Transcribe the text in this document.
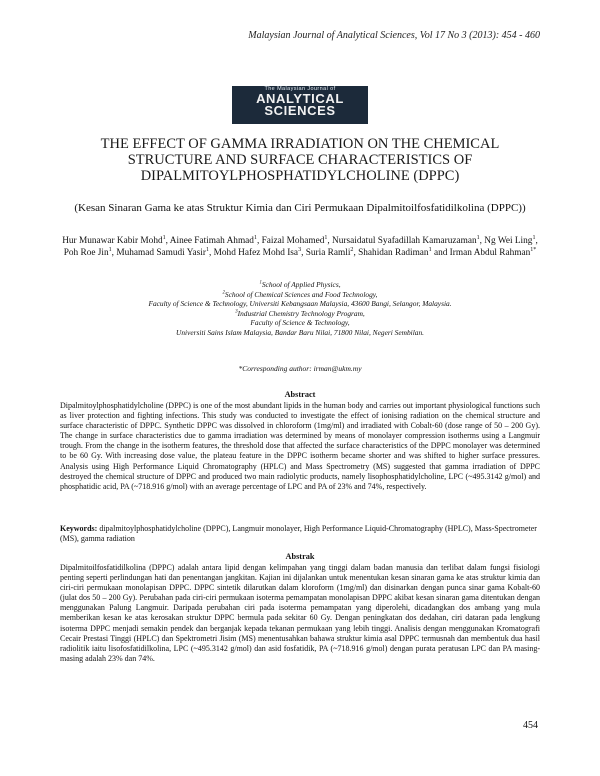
Malaysian Journal of Analytical Sciences, Vol 17 No 3 (2013): 454 - 460
The Malaysian Journal of
ANALYTICAL
SCIENCES
THE EFFECT OF GAMMA IRRADIATION ON THE CHEMICAL STRUCTURE AND SURFACE CHARACTERISTICS OF DIPALMITOYLPHOSPHATIDYLCHOLINE (DPPC)
(Kesan Sinaran Gama ke atas Struktur Kimia dan Ciri Permukaan Dipalmitoilfosfatidilkolina (DPPC))
Hur Munawar Kabir Mohd$^1$, Ainee Fatimah Ahmad$^1$, Faizal Mohamed$^1$, Nursaidatul Syafadillah Kamaruzaman$^1$, Ng Wei Ling$^1$, Poh Roe Jin$^1$, Muhamad Samudi Yasir$^1$, Mohd Hafez Mohd Isa$^3$, Suria Ramli$^2$, Shahidan Radiman$^1$ and Irman Abdul Rahman$^{1*}$
$^1$School of Applied Physics,
$^2$School of Chemical Sciences and Food Technology,
Faculty of Science & Technology, Universiti Kebangsaan Malaysia, 43600 Bangi, Selangor, Malaysia.
$^3$Industrial Chemistry Technology Program,
Faculty of Science & Technology,
Universiti Sains Islam Malaysia, Bandar Baru Nilai, 71800 Nilai, Negeri Sembilan.
*Corresponding author: irman@ukm.my
Abstract

Dipalmitoylphosphatidylcholine (DPPC) is one of the most abundant lipids in the human body and carries out important physiological functions such as liver protection and fighting infections. This study was conducted to investigate the effect of ionising radiation on the chemical structure and surface characteristic of DPPC. Synthetic DPPC was dissolved in chloroform (1mg/ml) and irradiated with Cobalt-60 (dose range of 50 – 200 Gy). The change in surface characteristics due to gamma irradiation was determined by means of monolayer compression isotherms using a Langmuir trough. From the change in the isotherm features, the threshold dose that affected the surface characteristics of the DPPC monolayer was determined to be 60 Gy. With increasing dose value, the plateau feature in the DPPC isotherm became shorter and was shifted to higher surface pressures. Analysis using High Performance Liquid Chromatography (HPLC) and Mass Spectrometry (MS) suggested that gamma irradiation of DPPC destroyed the chemical structure of DPPC and produced two main radiolytic products, namely lisophosphatidylcholine, LPC (~495.3142 g/mol) and phosphatidic acid, PA (~718.916 g/mol) with an average percentage of LPC and PA of 23% and 74%, respectively.

Keywords: dipalmitoylphosphatidylcholine (DPPC), Langmuir monolayer, High Performance Liquid-Chromatography (HPLC), Mass-Spectrometer (MS), gamma radiation

Abstrak

Dipalmitoilfosfatidilkolina (DPPC) adalah antara lipid dengan kelimpahan yang tinggi dalam badan manusia dan terlibat dalam fungsi fisiologi penting seperti perlindungan hati dan penentangan jangkitan. Kajian ini dijalankan untuk menentukan kesan sinaran gama ke atas struktur kimia dan ciri-ciri permukaan monolapisan DPPC. DPPC sintetik dilarutkan dalam kloroform (1mg/ml) dan disinarkan dengan punca sinar gama Kobalt-60 (julat dos 50 – 200 Gy). Perubahan pada ciri-ciri permukaan isoterma pemampatan monolapisan DPPC akibat kesan sinaran gama ditentukan dengan menggunakan Palung Langmuir. Daripada perubahan ciri pada isoterma pemampatan yang diperolehi, dicadangkan dos ambang yang mula memberikan kesan ke atas kerosakan struktur DPPC bermula pada sekitar 60 Gy. Dengan peningkatan dos dedahan, ciri dataran pada lengkung isoterma DPPC menjadi semakin pendek dan berganjak kepada tekanan permukaan yang lebih tinggi. Analisis dengan menggunakan Kromatografi Cecair Prestasi Tinggi (HPLC) dan Spektrometri Jisim (MS) menentusahkan bahawa struktur kimia asal DPPC termusnah dan membentuk dua hasil radiolitik iaitu lisofosfatidilkolina, LPC (~495.3142 g/mol) dan asid fosfatidik, PA (~718.916 g/mol) dengan purata peratusan LPC dan PA masing-masing adalah 23% dan 74%.

454
